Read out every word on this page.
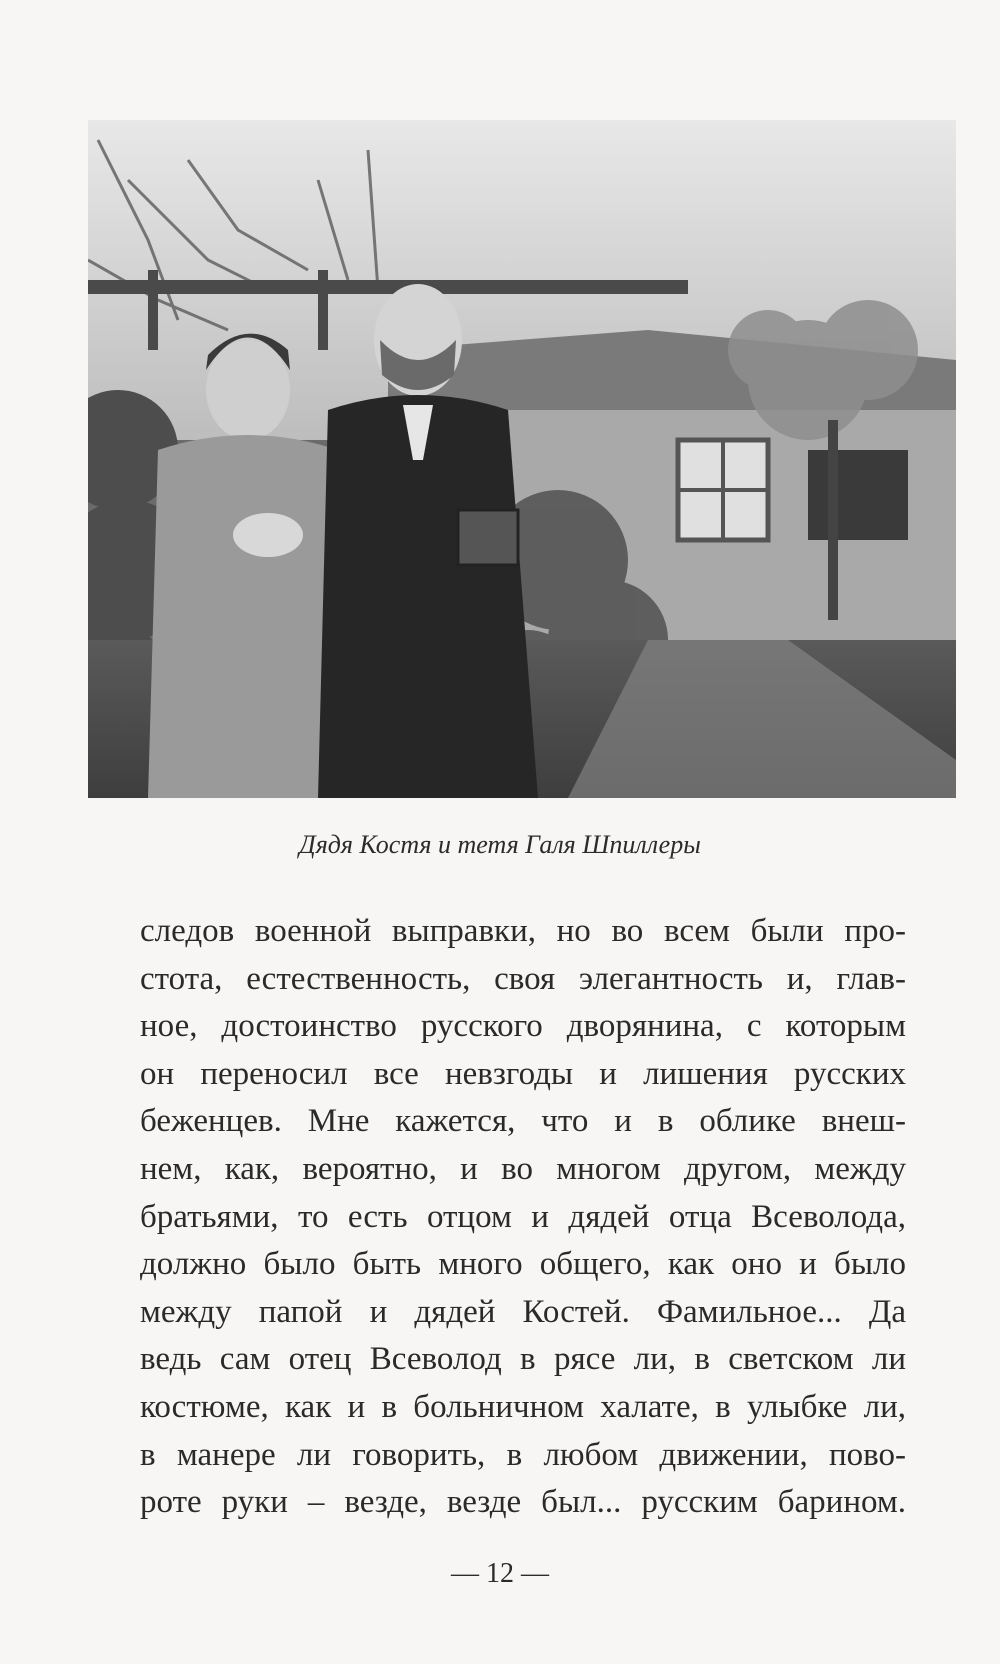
Дядя Костя и тетя Галя Шпиллеры
следов военной выправки, но во всем были про-
стота, естественность, своя элегантность и, глав-
ное, достоинство русского дворянина, с которым
он переносил все невзгоды и лишения русских
беженцев. Мне кажется, что и в облике внеш-
нем, как, вероятно, и во многом другом, между
братьями, то есть отцом и дядей отца Всеволода,
должно было быть много общего, как оно и было
между папой и дядей Костей. Фамильное... Да
ведь сам отец Всеволод в рясе ли, в светском ли
костюме, как и в больничном халате, в улыбке ли,
в манере ли говорить, в любом движении, пово-
роте руки – везде, везде был... русским барином.
— 12 —
